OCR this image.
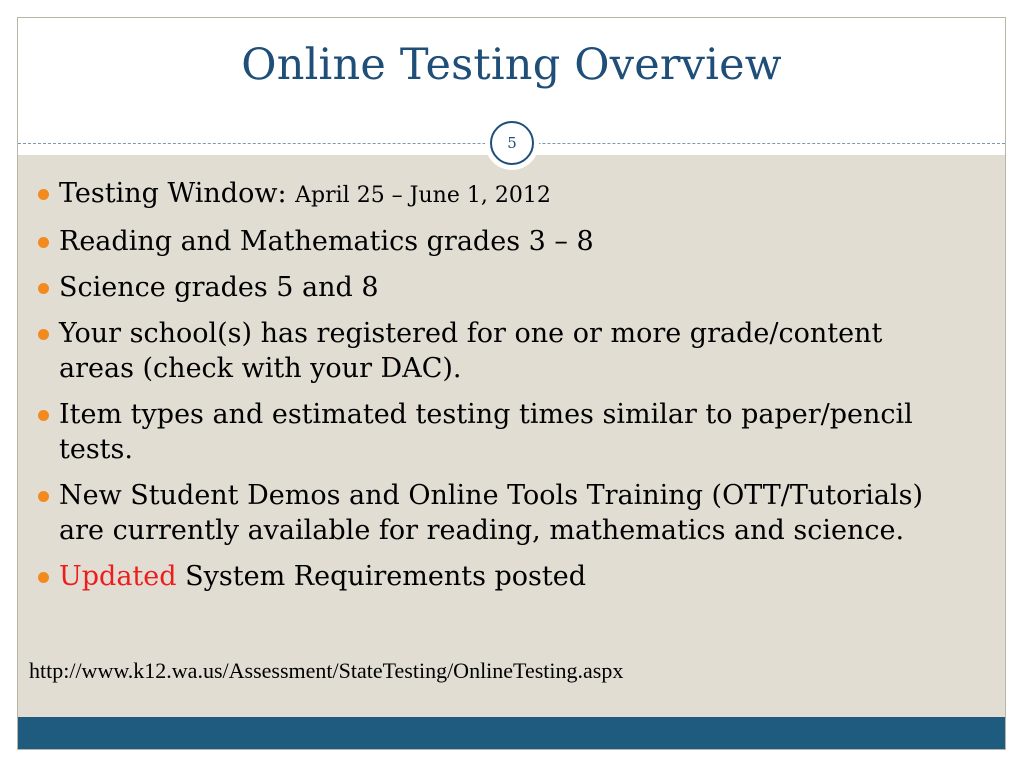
Online Testing Overview
5
Testing Window: April 25 – June 1, 2012
Reading and Mathematics grades 3 – 8
Science grades 5 and 8
Your school(s) has registered for one or more grade/content areas (check with your DAC).
Item types and estimated testing times similar to paper/pencil tests.
New Student Demos and Online Tools Training (OTT/Tutorials) are currently available for reading, mathematics and science.
Updated System Requirements posted
http://www.k12.wa.us/Assessment/StateTesting/OnlineTesting.aspx
